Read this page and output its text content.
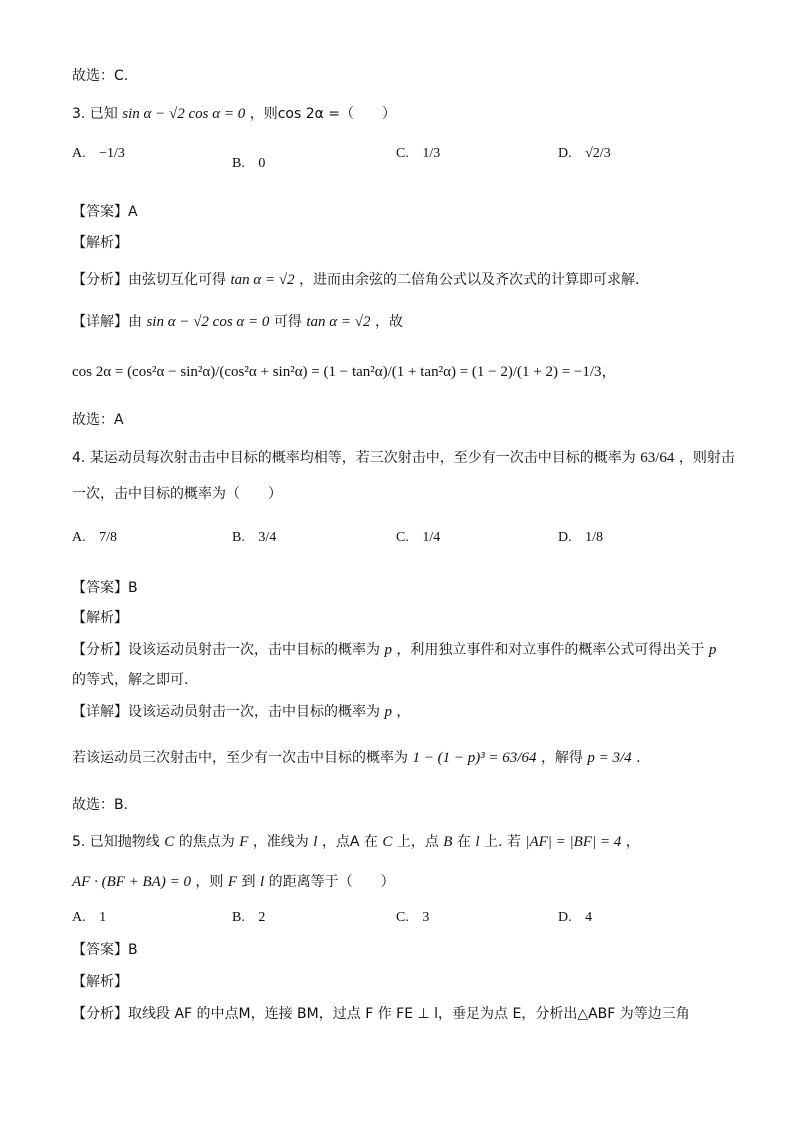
故选：C.
3. 已知 sin α − √2 cos α = 0 ，则cos 2α =（　　）
A. −1/3
B. 0
C. 1/3	D. √2/3
【答案】A
【解析】
【分析】由弦切互化可得 tan α = √2 ，进而由余弦的二倍角公式以及齐次式的计算即可求解.
【详解】由 sin α − √2 cos α = 0 可得 tan α = √2 ，故
cos 2α = (cos²α − sin²α)/(cos²α + sin²α) = (1 − tan²α)/(1 + tan²α) = (1 − 2)/(1 + 2) = −1/3，
故选：A
4. 某运动员每次射击击中目标的概率均相等，若三次射击中，至少有一次击中目标的概率为 63/64 ，则射击
一次，击中目标的概率为（　　）
A. 7/8	B. 3/4	C. 1/4	D. 1/8
【答案】B
【解析】
【分析】设该运动员射击一次，击中目标的概率为 p ，利用独立事件和对立事件的概率公式可得出关于 p
的等式，解之即可.
【详解】设该运动员射击一次，击中目标的概率为 p ，
若该运动员三次射击中，至少有一次击中目标的概率为 1 − (1 − p)³ = 63/64 ，解得 p = 3/4 .
故选：B.
5. 已知抛物线 C 的焦点为 F ，准线为 l ，点A 在 C 上，点 B 在 l 上. 若 |AF| = |BF| = 4 ，
AF · (BF + BA) = 0 ，则 F 到 l 的距离等于（　　）
A. 1	B. 2	C. 3	D. 4
【答案】B
【解析】
【分析】取线段 AF 的中点M，连接 BM，过点 F 作 FE ⊥ l，垂足为点 E，分析出△ABF 为等边三角
